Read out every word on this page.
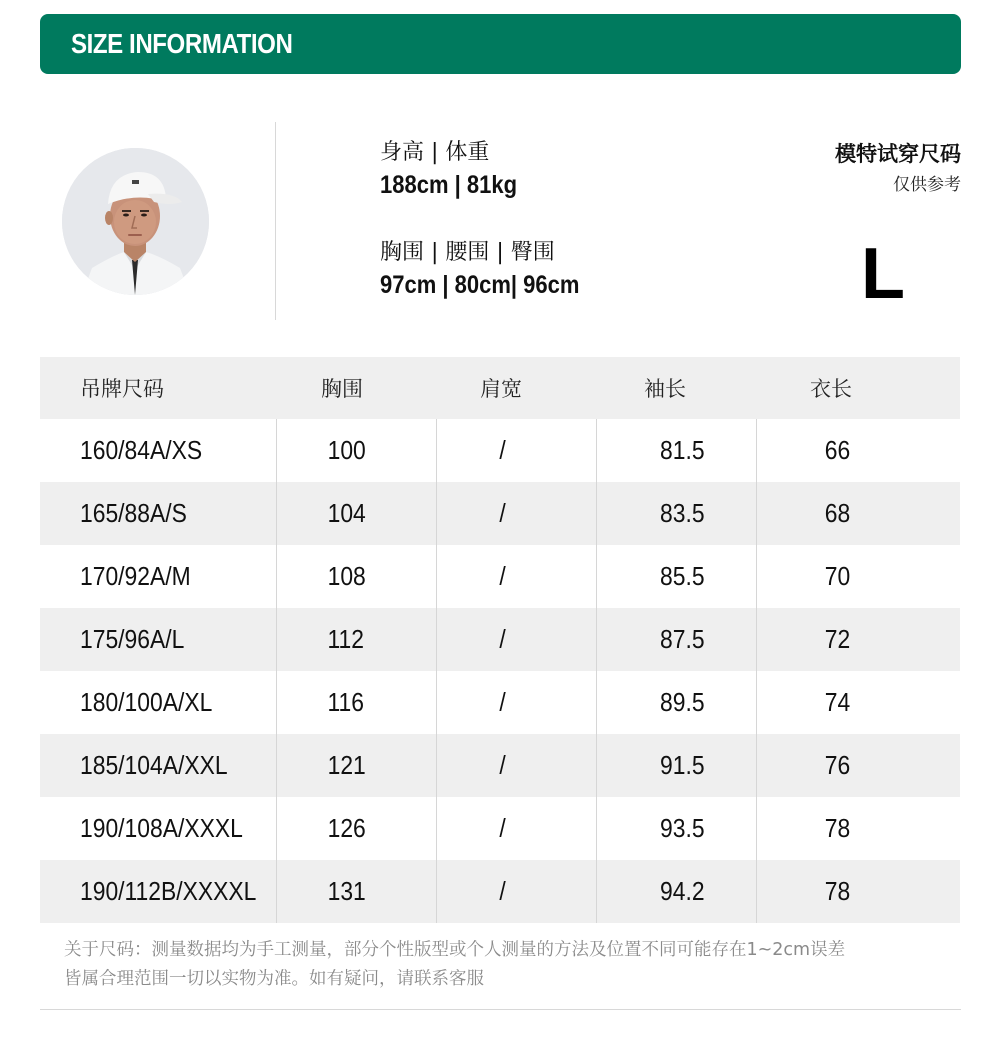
SIZE INFORMATION
身高 | 体重
188cm | 81kg
胸围 | 腰围 | 臀围
97cm | 80cm| 96cm
模特试穿尺码
仅供参考
L
吊牌尺码	胸围	肩宽	袖长	衣长
160/84A/XS	100	/	81.5	66
165/88A/S	104	/	83.5	68
170/92A/M	108	/	85.5	70
175/96A/L	112	/	87.5	72
180/100A/XL	116	/	89.5	74
185/104A/XXL	121	/	91.5	76
190/108A/XXXL	126	/	93.5	78
190/112B/XXXXL	131	/	94.2	78
关于尺码：测量数据均为手工测量，部分个性版型或个人测量的方法及位置不同可能存在1~2cm误差
皆属合理范围一切以实物为准。如有疑问，请联系客服
